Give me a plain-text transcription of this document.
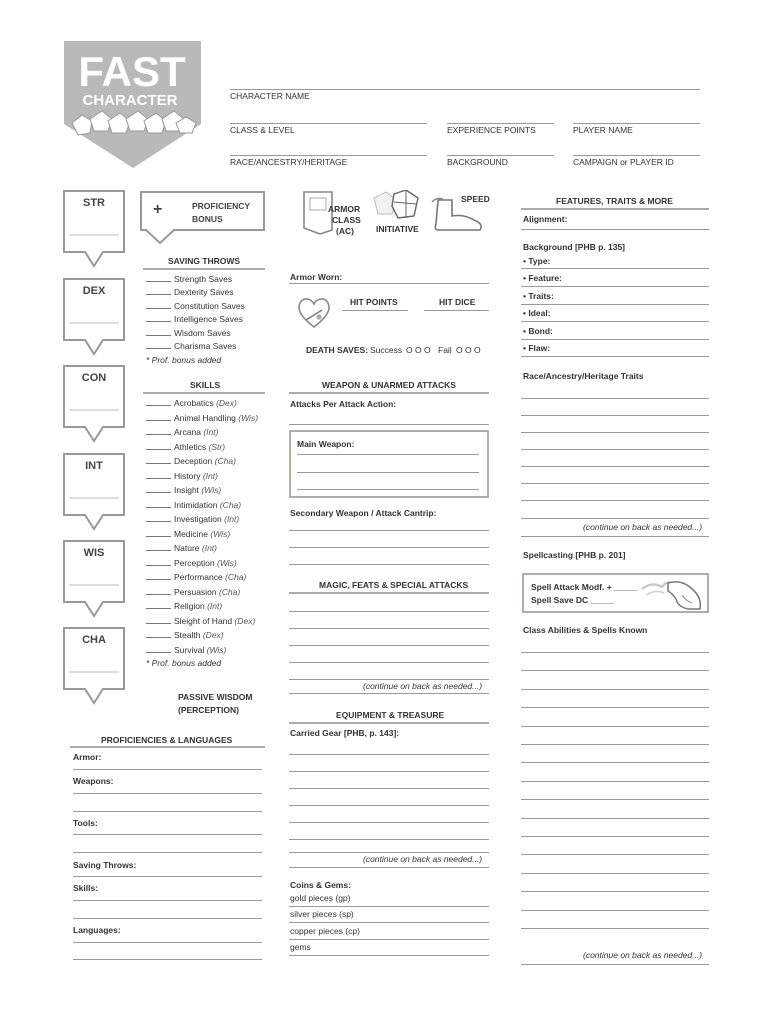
FAST
CHARACTER	CHARACTER NAME
CLASS & LEVEL	EXPERIENCE POINTS	PLAYER NAME
RACE/ANCESTRY/HERITAGE	BACKGROUND	CAMPAIGN or PLAYER ID
STR
DEX
CON
INT
WIS
CHA
+	PROFICIENCY
BONUS
SAVING THROWS
Strength Saves
Dexterity Saves
Constitution Saves
Intelligence Saves
Wisdom Saves
Charisma Saves
* Prof. bonus added
SKILLS
Acrobatics (Dex)
Animal Handling (Wis)
Arcana (Int)
Athletics (Str)
Deception (Cha)
History (Int)
Insight (Wis)
Intimidation (Cha)
Investigation (Int)
Medicine (Wis)
Nature (Int)
Perception (Wis)
Performance (Cha)
Persuasion (Cha)
Religion (Int)
Sleight of Hand (Dex)
Stealth (Dex)
Survival (Wis)
* Prof. bonus added
PASSIVE WISDOM
(PERCEPTION)
PROFICIENCIES & LANGUAGES
Armor:
Weapons:
Tools:
Saving Throws:
Skills:
Languages:
ARMOR
CLASS
(AC)	INITIATIVE
SPEED
Armor Worn:
HIT POINTS	HIT DICE
DEATH SAVES: Success O O O Fail O O O
WEAPON & UNARMED ATTACKS
Attacks Per Attack Action:
Main Weapon:
Secondary Weapon / Attack Cantrip:
MAGIC, FEATS & SPECIAL ATTACKS
(continue on back as needed...)
EQUIPMENT & TREASURE
Carried Gear [PHB, p. 143]:
(continue on back as needed...)
Coins & Gems:
gold pieces (gp)
silver pieces (sp)
copper pieces (cp)
gems
FEATURES, TRAITS & MORE
Alignment:
Background [PHB p. 135]
• Type:
• Feature:
• Traits:
• Ideal:
• Bond:
• Flaw:
Race/Ancestry/Heritage Traits
(continue on back as needed...)
Spellcasting [PHB p. 201]
Spell Attack Modf. + _____
Spell Save DC _____
Class Abilities & Spells Known
(continue on back as needed...)
